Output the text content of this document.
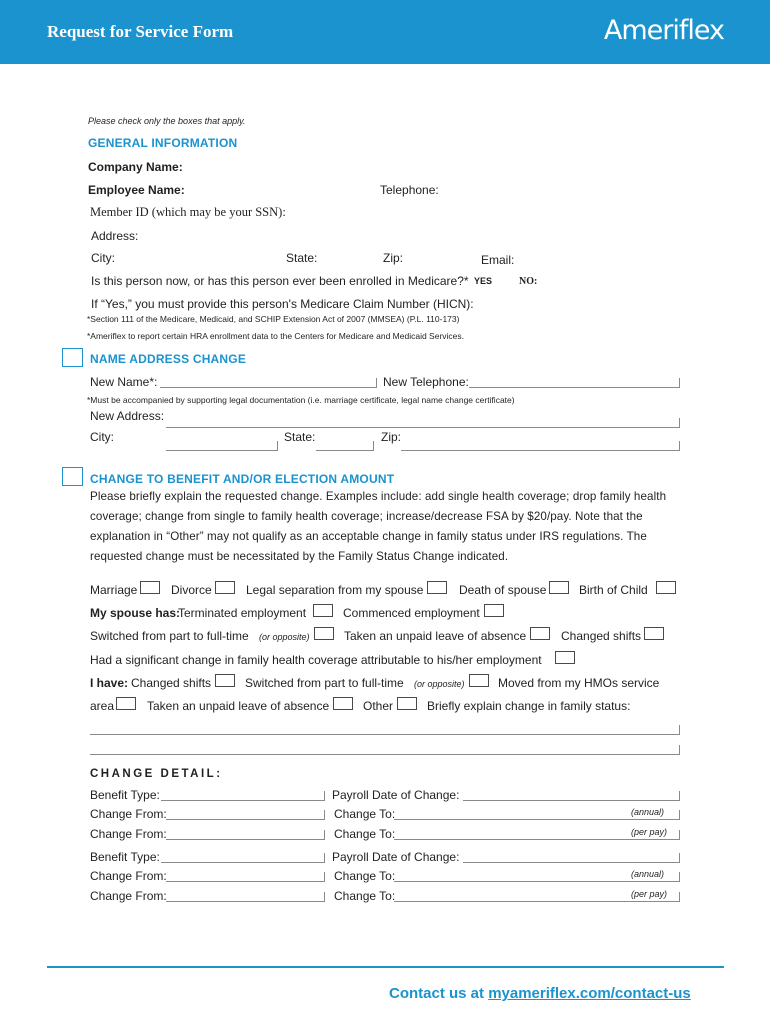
Request for Service Form	Ameriflex
Please check only the boxes that apply.
GENERAL INFORMATION
Company Name:
Employee Name:	Telephone:
Member ID (which may be your SSN):
Address:
City:	State:	Zip:	Email:
Is this person now, or has this person ever been enrolled in Medicare?* YES	NO:
If “Yes,” you must provide this person's Medicare Claim Number (HICN):
*Section 111 of the Medicare, Medicaid, and SCHIP Extension Act of 2007 (MMSEA) (P.L. 110-173)
*Ameriflex to report certain HRA enrollment data to the Centers for Medicare and Medicaid Services.
NAME ADDRESS CHANGE
New Name*:	New Telephone:
*Must be accompanied by supporting legal documentation (i.e. marriage certificate, legal name change certificate)
New Address:
City:	State:	Zip:
CHANGE TO BENEFIT AND/OR ELECTION AMOUNT
Please briefly explain the requested change. Examples include: add single health coverage; drop family health coverage; change from single to family health coverage; increase/decrease FSA by $20/pay. Note that the explanation in “Other” may not qualify as an acceptable change in family status under IRS regulations. The requested change must be necessitated by the Family Status Change indicated.
Marriage	Divorce	Legal separation from my spouse	Death of spouse	Birth of Child
My spouse has:
Terminated employment	Commenced employment
Switched from part to full-time (or opposite)	Taken an unpaid leave of absence	Changed shifts
Had a significant change in family health coverage attributable to his/her employment
I have: Changed shifts	Switched from part to full-time (or opposite)	Moved from my HMOs service
area	Taken an unpaid leave of absence	Other	Briefly explain change in family status:
CHANGE DETAIL:
Benefit Type:	Payroll Date of Change:
Change From:	Change To:	(annual)
Change From:	Change To:	(per pay)
Benefit Type:	Payroll Date of Change:
Change From:	Change To:	(annual)
Change From:	Change To:	(per pay)
Contact us at myameriflex.com/contact-us
